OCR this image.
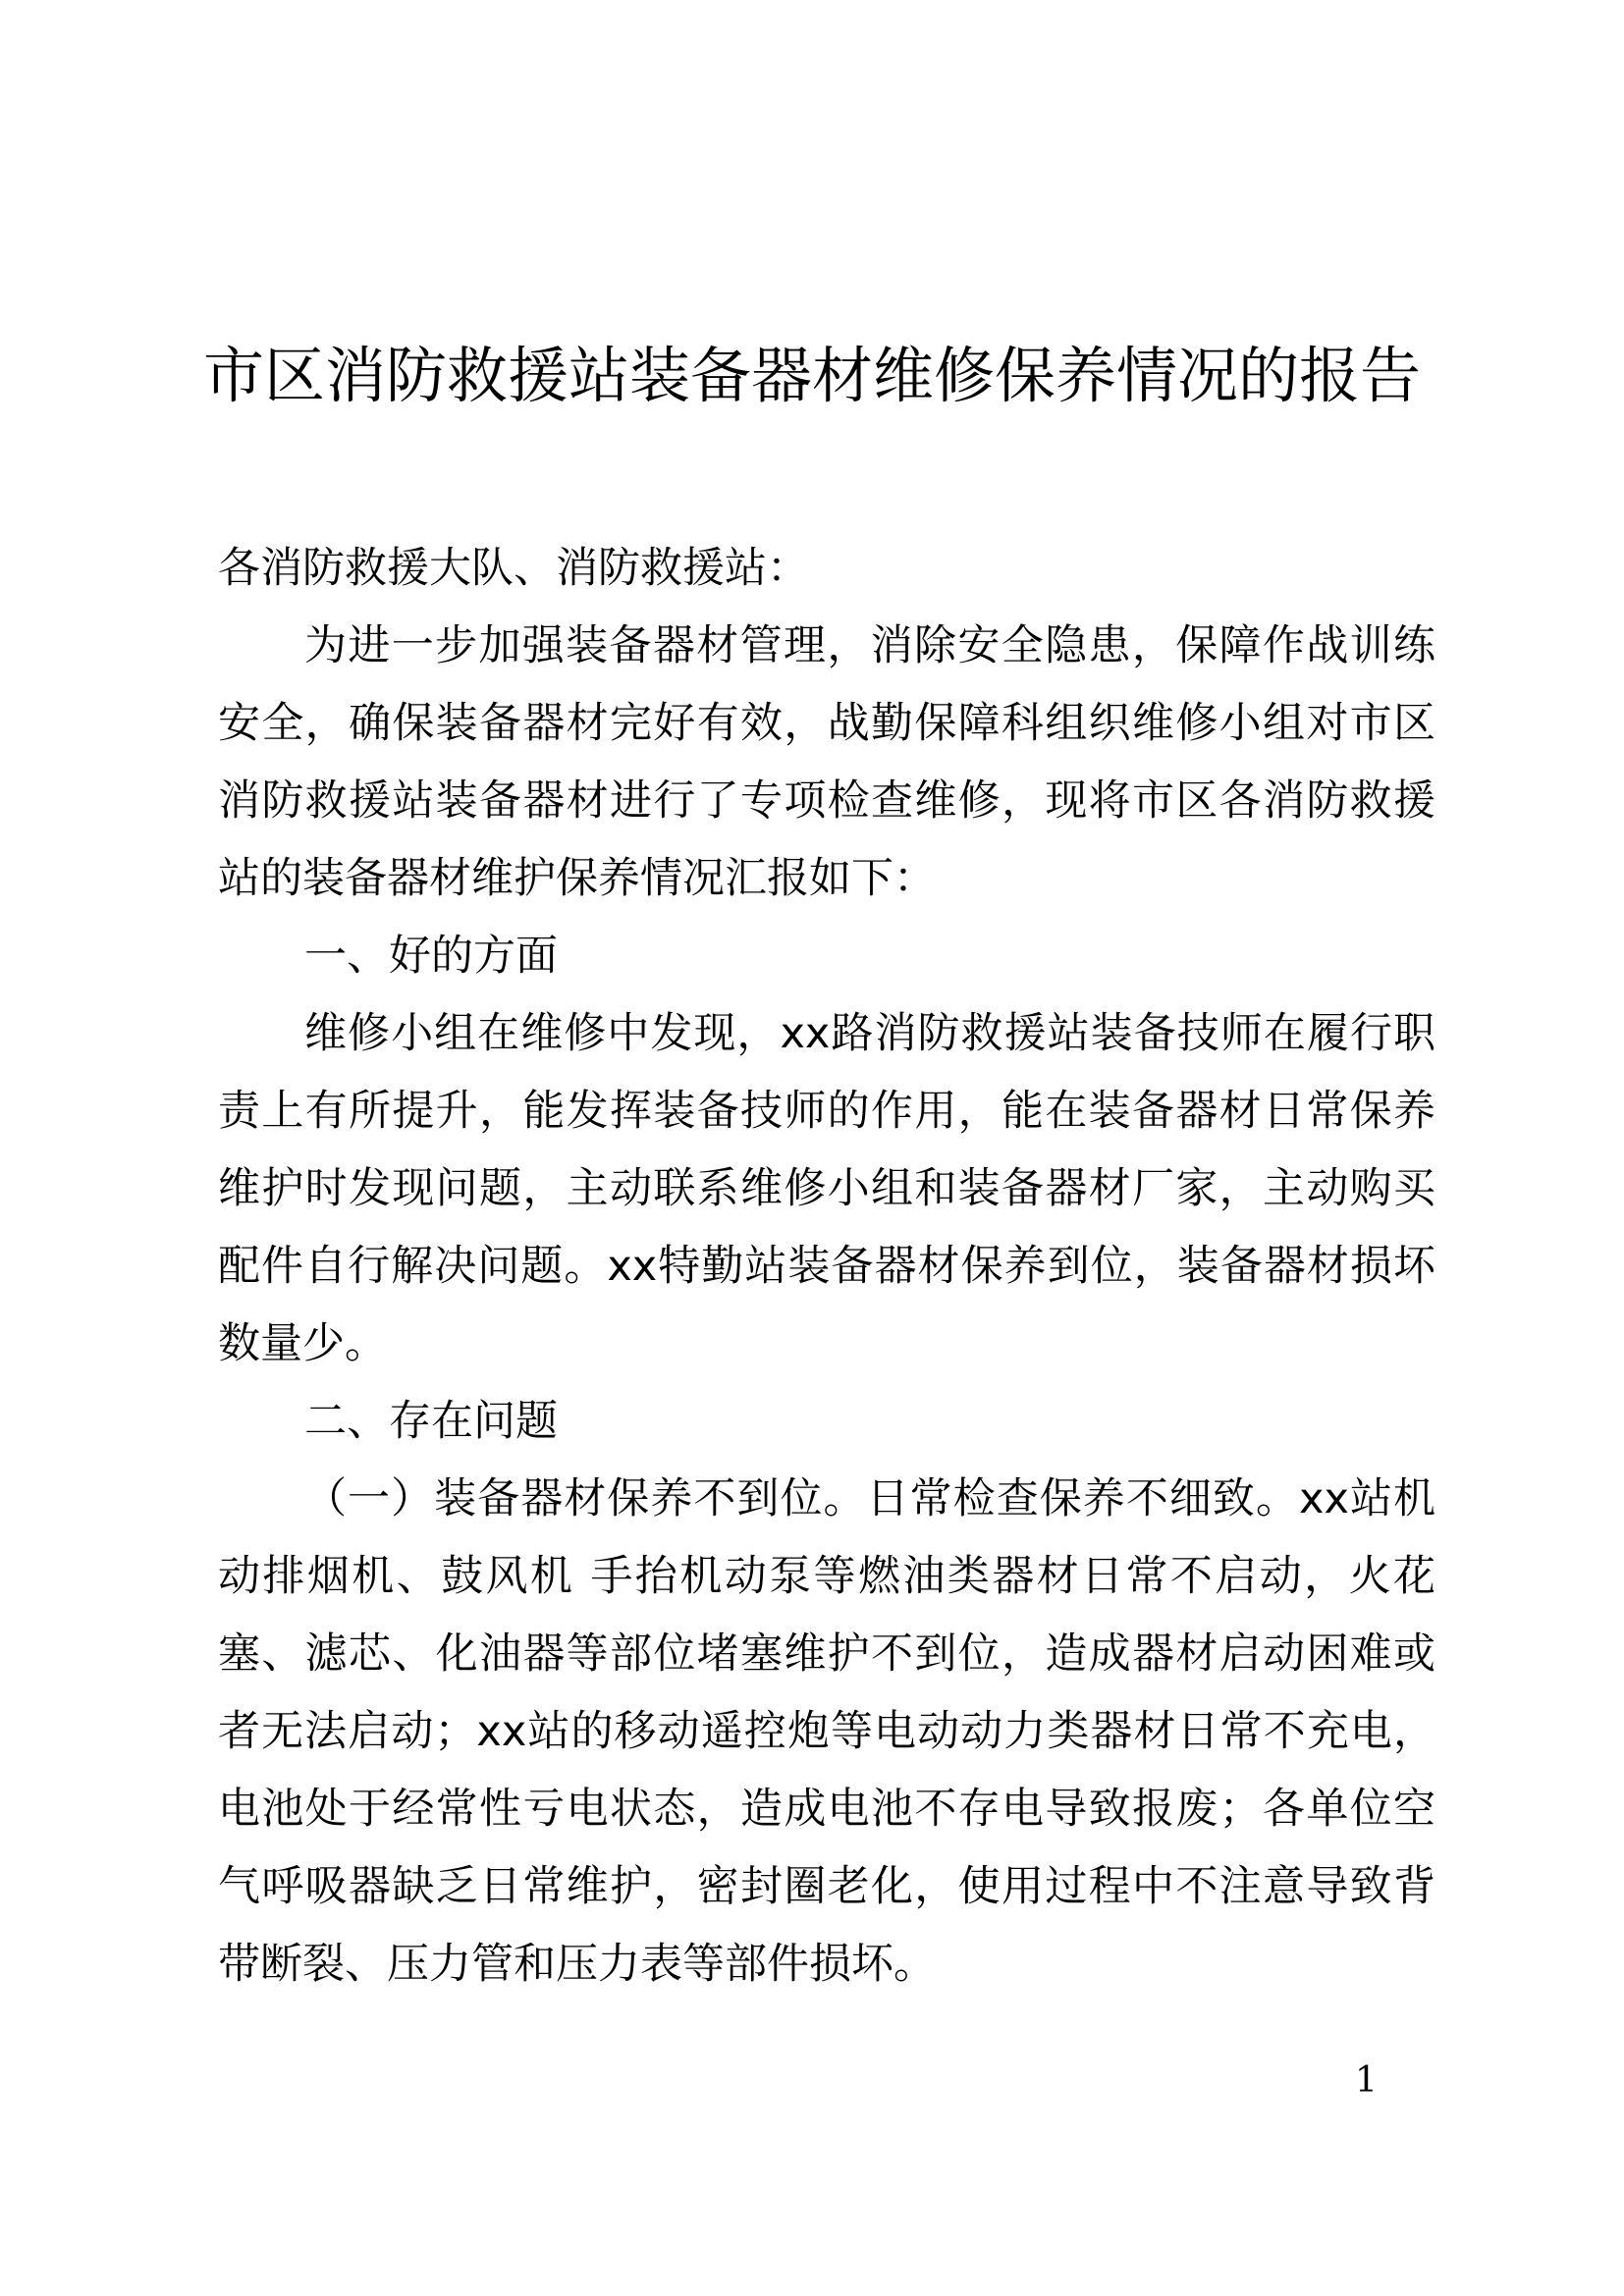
市区消防救援站装备器材维修保养情况的报告

各消防救援大队、消防救援站：

为进一步加强装备器材管理，消除安全隐患，保障作战训练安全，确保装备器材完好有效，战勤保障科组织维修小组对市区消防救援站装备器材进行了专项检查维修，现将市区各消防救援站的装备器材维护保养情况汇报如下：

一、好的方面

维修小组在维修中发现，xx路消防救援站装备技师在履行职责上有所提升，能发挥装备技师的作用，能在装备器材日常保养维护时发现问题，主动联系维修小组和装备器材厂家，主动购买配件自行解决问题。xx特勤站装备器材保养到位，装备器材损坏数量少。

二、存在问题

（一）装备器材保养不到位。日常检查保养不细致。xx站机动排烟机、鼓风机 手抬机动泵等燃油类器材日常不启动，火花塞、滤芯、化油器等部位堵塞维护不到位，造成器材启动困难或者无法启动；xx站的移动遥控炮等电动动力类器材日常不充电，电池处于经常性亏电状态，造成电池不存电导致报废；各单位空气呼吸器缺乏日常维护，密封圈老化，使用过程中不注意导致背带断裂、压力管和压力表等部件损坏。

1
